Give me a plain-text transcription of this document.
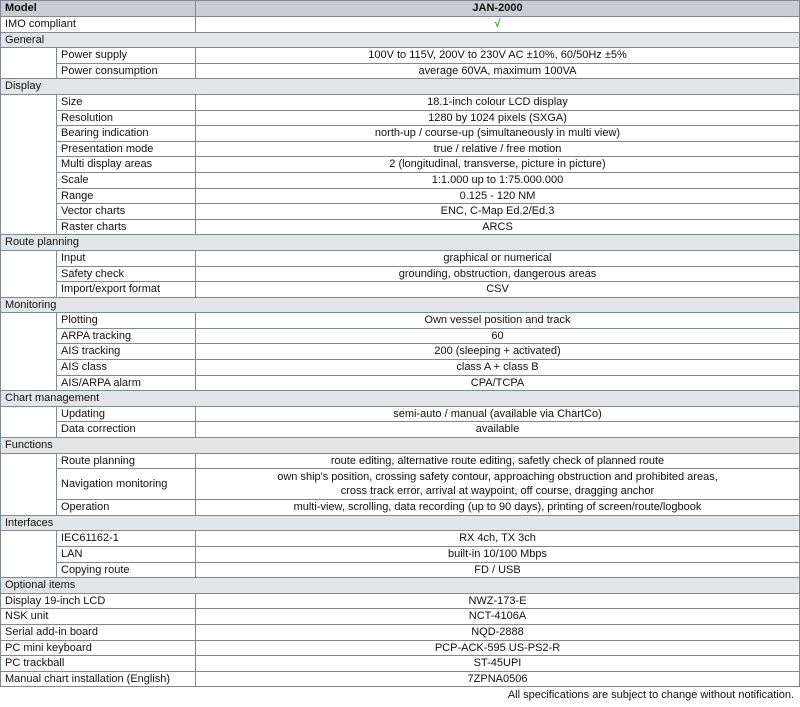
Model		JAN-2000
IMO compliant		√
General		
	Power supply	100V to 115V, 200V to 230V AC ±10%, 60/50Hz ±5%
	Power consumption	average 60VA, maximum 100VA
Display		
	Size	18.1-inch colour LCD display
	Resolution	1280 by 1024 pixels (SXGA)
	Bearing indication	north-up / course-up (simultaneously in multi view)
	Presentation mode	true / relative / free motion
	Multi display areas	2 (longitudinal, transverse, picture in picture)
	Scale	1:1.000 up to 1:75.000.000
	Range	0.125 - 120 NM
	Vector charts	ENC, C-Map Ed.2/Ed.3
	Raster charts	ARCS
Route planning		
	Input	graphical or numerical
	Safety check	grounding, obstruction, dangerous areas
	Import/export format	CSV
Monitoring		
	Plotting	Own vessel position and track
	ARPA tracking	60
	AIS tracking	200 (sleeping + activated)
	AIS class	class A + class B
	AIS/ARPA alarm	CPA/TCPA
Chart management		
	Updating	semi-auto / manual (available via ChartCo)
	Data correction	available
Functions		
	Route planning	route editing, alternative route editing, safetly check of planned route
	Navigation monitoring	own ship's position, crossing safety contour, approaching obstruction and prohibited areas,
cross track error, arrival at waypoint, off course, dragging anchor

	Operation	multi-view, scrolling, data recording (up to 90 days), printing of screen/route/logbook
Interfaces		
	IEC61162-1	RX 4ch, TX 3ch
	LAN	built-in 10/100 Mbps
	Copying route	FD / USB
Optional items		
Display 19-inch LCD		NWZ-173-E
NSK unit		NCT-4106A
Serial add-in board		NQD-2888
PC mini keyboard		PCP-ACK-595 US-PS2-R
PC trackball		ST-45UPI
Manual chart installation (English)		7ZPNA0506
All specifications are subject to change without notification.
